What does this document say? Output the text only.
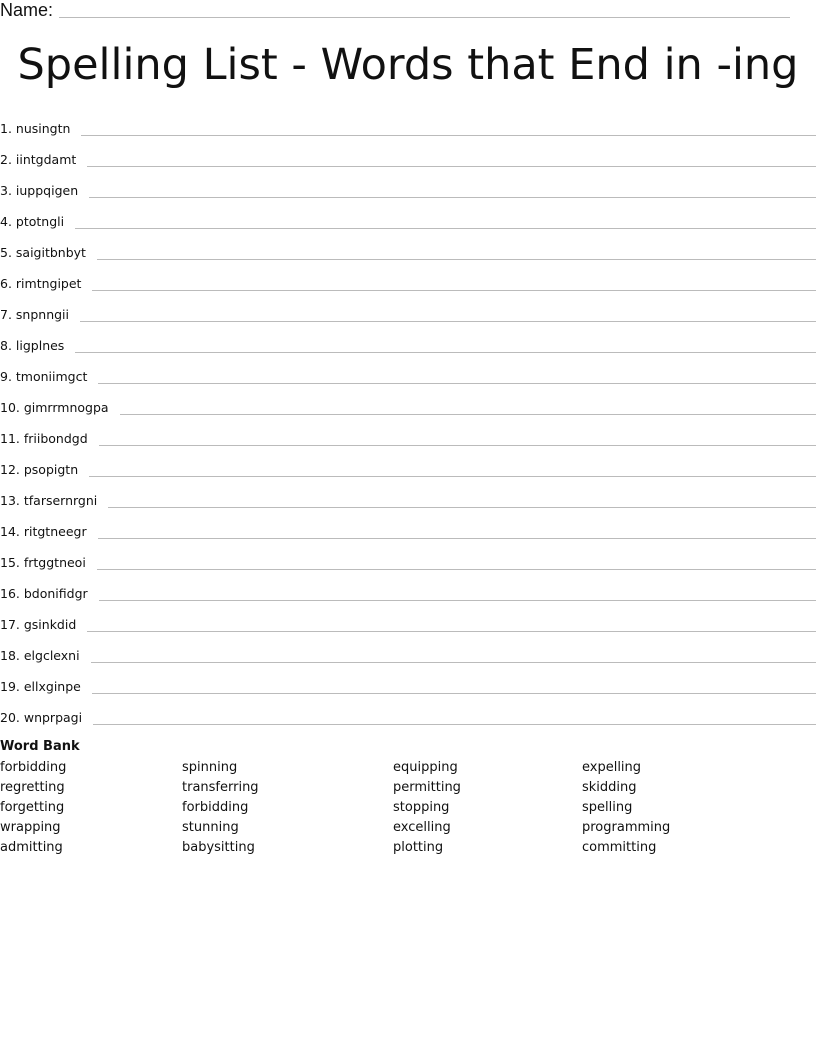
Name:
Spelling List - Words that End in -ing
1. nusingtn
2. iintgdamt
3. iuppqigen
4. ptotngli
5. saigitbnbyt
6. rimtngipet
7. snpnngii
8. ligplnes
9. tmoniimgct
10. gimrrmnogpa
11. friibondgd
12. psopigtn
13. tfarsernrgni
14. ritgtneegr
15. frtggtneoi
16. bdonifidgr
17. gsinkdid
18. elgclexni
19. ellxginpe
20. wnprpagi
Word Bank
forbidding	spinning	equipping	expelling
regretting	transferring	permitting	skidding
forgetting	forbidding	stopping	spelling
wrapping	stunning	excelling	programming
admitting	babysitting	plotting	committing
